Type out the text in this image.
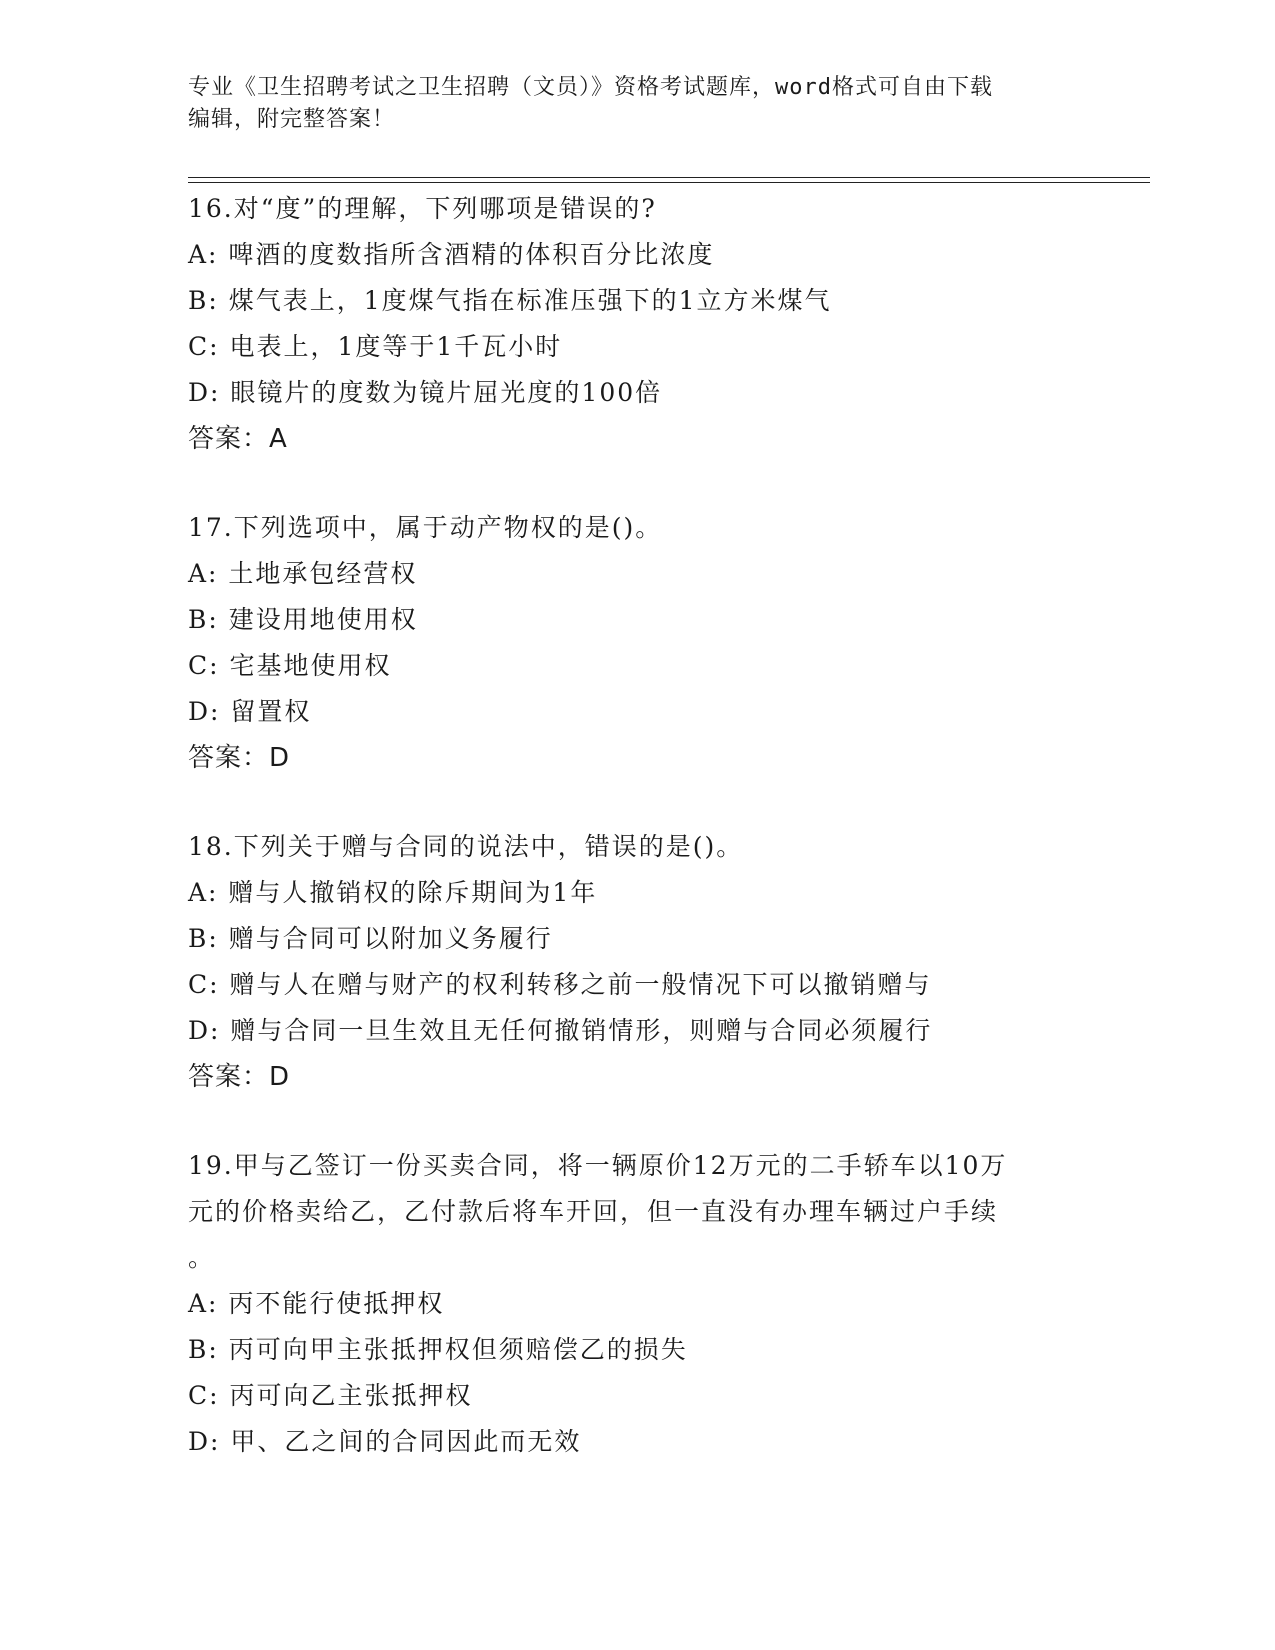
专业《卫生招聘考试之卫生招聘（文员）》资格考试题库，word格式可自由下载
编辑，附完整答案！
16.对“度”的理解，下列哪项是错误的?
A: 啤酒的度数指所含酒精的体积百分比浓度
B: 煤气表上，1度煤气指在标准压强下的1立方米煤气
C: 电表上，1度等于1千瓦小时
D: 眼镜片的度数为镜片屈光度的100倍
答案：A
17.下列选项中，属于动产物权的是()。
A: 土地承包经营权
B: 建设用地使用权
C: 宅基地使用权
D: 留置权
答案：D
18.下列关于赠与合同的说法中，错误的是()。
A: 赠与人撤销权的除斥期间为1年
B: 赠与合同可以附加义务履行
C: 赠与人在赠与财产的权利转移之前一般情况下可以撤销赠与
D: 赠与合同一旦生效且无任何撤销情形，则赠与合同必须履行
答案：D
19.甲与乙签订一份买卖合同，将一辆原价12万元的二手轿车以10万
元的价格卖给乙，乙付款后将车开回，但一直没有办理车辆过户手续
。
A: 丙不能行使抵押权
B: 丙可向甲主张抵押权但须赔偿乙的损失
C: 丙可向乙主张抵押权
D: 甲、乙之间的合同因此而无效
